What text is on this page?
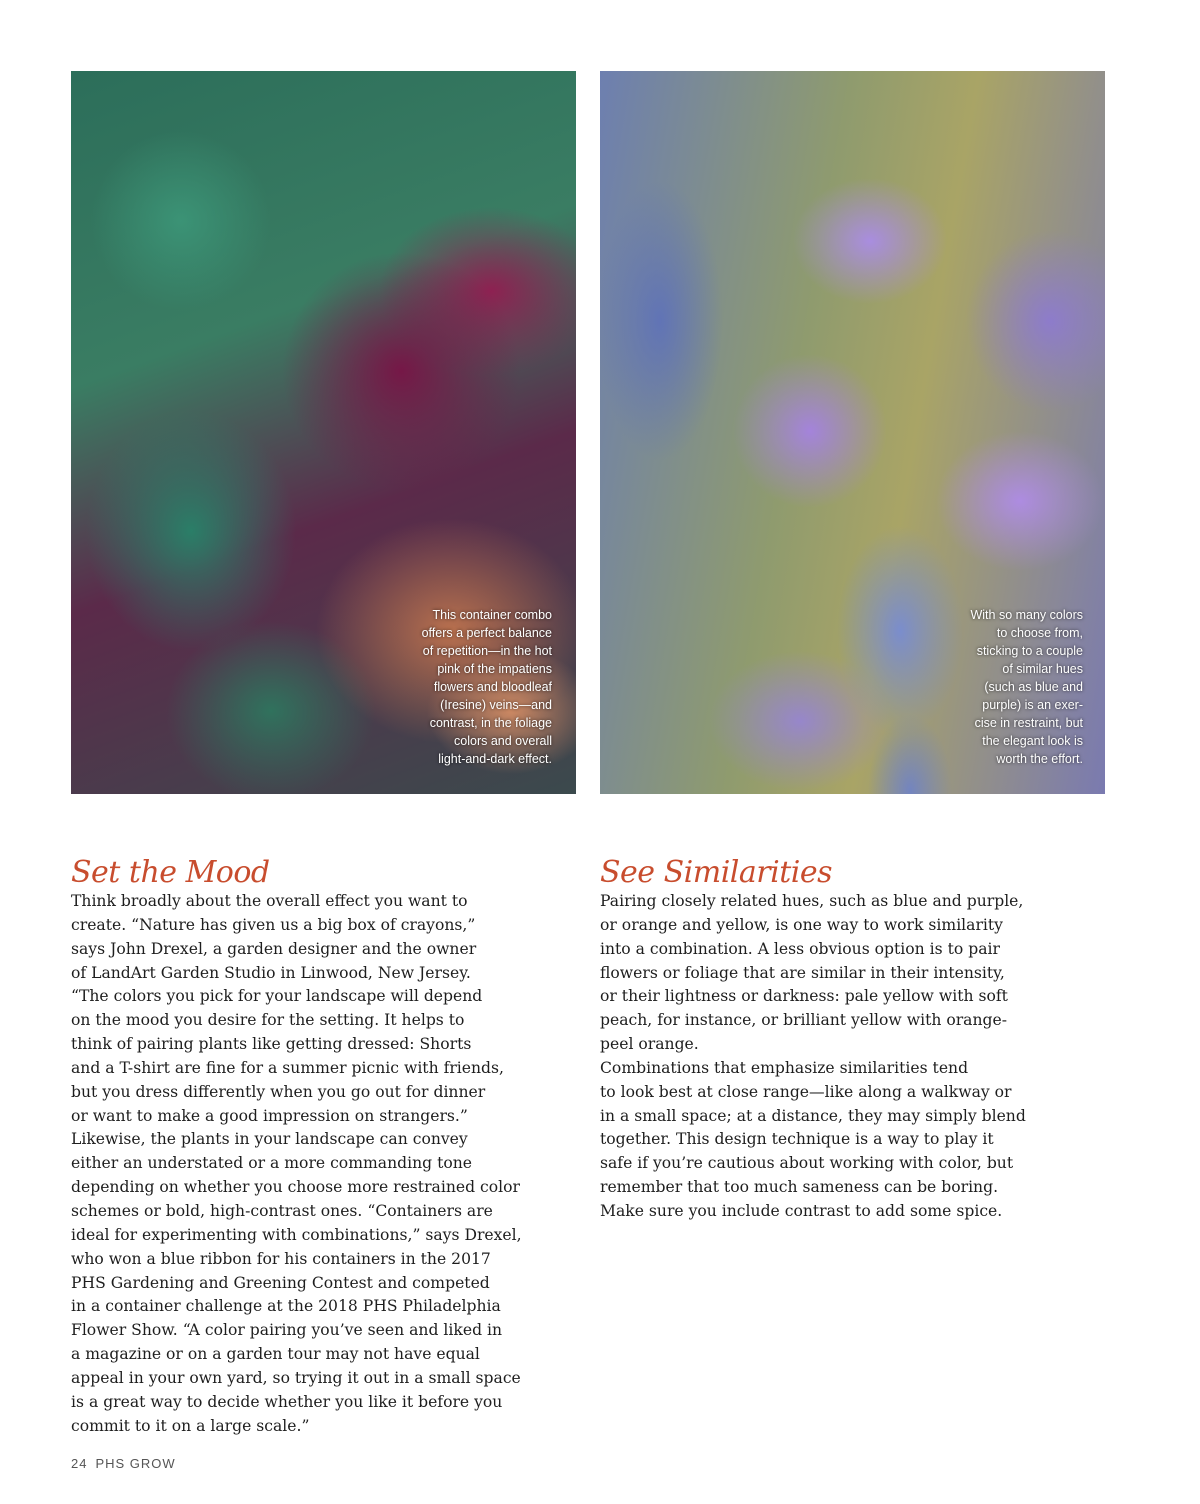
This container combo
offers a perfect balance
of repetition—in the hot
pink of the impatiens
flowers and bloodleaf
(Iresine) veins—and
contrast, in the foliage
colors and overall
light-and-dark effect.
With so many colors
to choose from,
sticking to a couple
of similar hues
(such as blue and
purple) is an exer-
cise in restraint, but
the elegant look is
worth the effort.
Set the Mood
Think broadly about the overall effect you want to
create. “Nature has given us a big box of crayons,”
says John Drexel, a garden designer and the owner
of LandArt Garden Studio in Linwood, New Jersey.
“The colors you pick for your landscape will depend
on the mood you desire for the setting. It helps to
think of pairing plants like getting dressed: Shorts
and a T-shirt are fine for a summer picnic with friends,
but you dress differently when you go out for dinner
or want to make a good impression on strangers.”
Likewise, the plants in your landscape can convey
either an understated or a more commanding tone
depending on whether you choose more restrained color
schemes or bold, high-contrast ones. “Containers are
ideal for experimenting with combinations,” says Drexel,
who won a blue ribbon for his containers in the 2017
PHS Gardening and Greening Contest and competed
in a container challenge at the 2018 PHS Philadelphia
Flower Show. “A color pairing you’ve seen and liked in
a magazine or on a garden tour may not have equal
appeal in your own yard, so trying it out in a small space
is a great way to decide whether you like it before you
commit to it on a large scale.”
See Similarities
Pairing closely related hues, such as blue and purple,
or orange and yellow, is one way to work similarity
into a combination. A less obvious option is to pair
flowers or foliage that are similar in their intensity,
or their lightness or darkness: pale yellow with soft
peach, for instance, or brilliant yellow with orange-
peel orange.
Combinations that emphasize similarities tend
to look best at close range—like along a walkway or
in a small space; at a distance, they may simply blend
together. This design technique is a way to play it
safe if you’re cautious about working with color, but
remember that too much sameness can be boring.
Make sure you include contrast to add some spice.
24 PHS GROW
